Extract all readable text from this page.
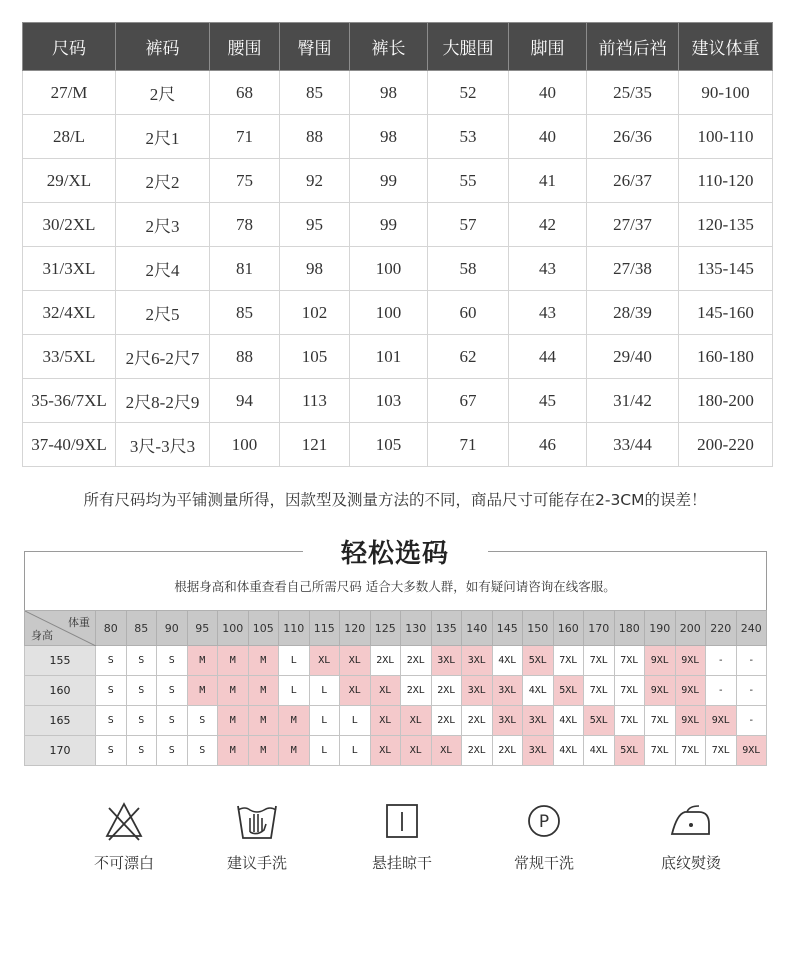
尺码	裤码	腰围	臀围	裤长	大腿围	脚围	前裆后裆	建议体重
27/M	2尺	68	85	98	52	40	25/35	90-100
28/L	2尺1	71	88	98	53	40	26/36	100-110
29/XL	2尺2	75	92	99	55	41	26/37	110-120
30/2XL	2尺3	78	95	99	57	42	27/37	120-135
31/3XL	2尺4	81	98	100	58	43	27/38	135-145
32/4XL	2尺5	85	102	100	60	43	28/39	145-160
33/5XL	2尺6-2尺7	88	105	101	62	44	29/40	160-180
35-36/7XL	2尺8-2尺9	94	113	103	67	45	31/42	180-200
37-40/9XL	3尺-3尺3	100	121	105	71	46	33/44	200-220
所有尺码均为平铺测量所得，因款型及测量方法的不同，商品尺寸可能存在2-3CM的误差！
轻松选码
根据身高和体重查看自己所需尺码 适合大多数人群，如有疑问请咨询在线客服。
体重
身高	80	85	90	95	100	105	110	115	120	125	130	135	140	145	150	160	170	180	190	200	220	240
155	S	S	S	M	M	M	L	XL	XL	2XL	2XL	3XL	3XL	4XL	5XL	7XL	7XL	7XL	9XL	9XL	-	-
160	S	S	S	M	M	M	L	L	XL	XL	2XL	2XL	3XL	3XL	4XL	5XL	7XL	7XL	9XL	9XL	-	-
165	S	S	S	S	M	M	M	L	L	XL	XL	2XL	2XL	3XL	3XL	4XL	5XL	7XL	7XL	9XL	9XL	-
170	S	S	S	S	M	M	M	L	L	XL	XL	XL	2XL	2XL	3XL	4XL	4XL	5XL	7XL	7XL	7XL	9XL
不可漂白	建议手洗	悬挂晾干
P
常规干洗	底纹熨烫
